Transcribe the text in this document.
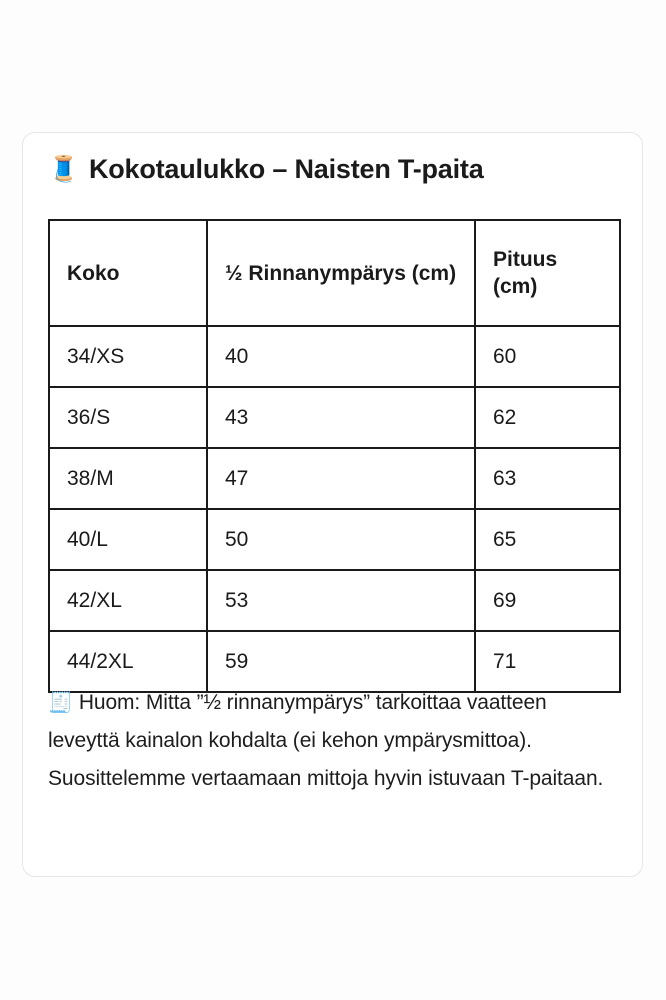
🧵 Kokotaulukko – Naisten T-paita
Koko	½ Rinnanympärys (cm)	Pituus (cm)
34/XS	40	60
36/S	43	62
38/M	47	63
40/L	50	65
42/XL	53	69
44/2XL	59	71
🧾 Huom: Mitta ”½ rinnanympärys” tarkoittaa vaatteen leveyttä kainalon kohdalta (ei kehon ympärysmittoa). Suosittelemme vertaamaan mittoja hyvin istuvaan T-paitaan.
